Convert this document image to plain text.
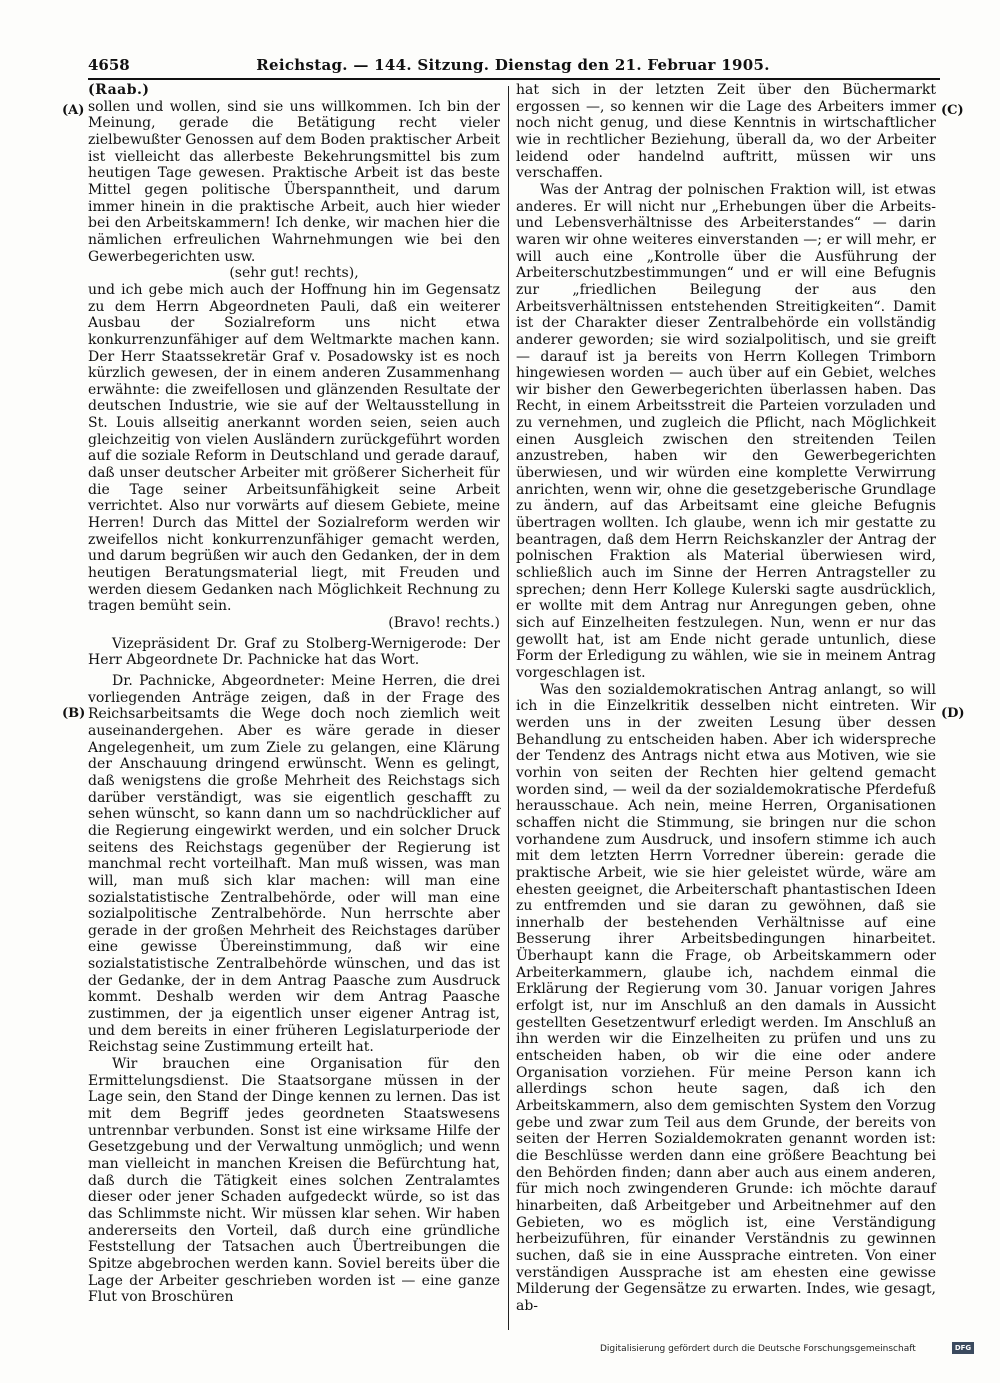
4658	Reichstag. — 144. Sitzung. Dienstag den 21. Februar 1905.
(A)
(B)
(C)
(D)

(Raab.)

sollen und wollen, sind sie uns willkommen. Ich bin der Meinung, gerade die Betätigung recht vieler zielbewußter Genossen auf dem Boden praktischer Arbeit ist vielleicht das allerbeste Bekehrungsmittel bis zum heutigen Tage gewesen. Praktische Arbeit ist das beste Mittel gegen politische Überspanntheit, und darum immer hinein in die praktische Arbeit, auch hier wieder bei den Arbeitskammern! Ich denke, wir machen hier die nämlichen erfreulichen Wahrnehmungen wie bei den Gewerbegerichten usw.

(sehr gut! rechts),

und ich gebe mich auch der Hoffnung hin im Gegensatz zu dem Herrn Abgeordneten Pauli, daß ein weiterer Ausbau der Sozialreform uns nicht etwa konkurrenzunfähiger auf dem Weltmarkte machen kann. Der Herr Staatssekretär Graf v. Posadowsky ist es noch kürzlich gewesen, der in einem anderen Zusammenhang erwähnte: die zweifellosen und glänzenden Resultate der deutschen Industrie, wie sie auf der Weltausstellung in St. Louis allseitig anerkannt worden seien, seien auch gleichzeitig von vielen Ausländern zurückgeführt worden auf die soziale Reform in Deutschland und gerade darauf, daß unser deutscher Arbeiter mit größerer Sicherheit für die Tage seiner Arbeitsunfähigkeit seine Arbeit verrichtet. Also nur vorwärts auf diesem Gebiete, meine Herren! Durch das Mittel der Sozialreform werden wir zweifellos nicht konkurrenzunfähiger gemacht werden, und darum begrüßen wir auch den Gedanken, der in dem heutigen Beratungsmaterial liegt, mit Freuden und werden diesem Gedanken nach Möglichkeit Rechnung zu tragen bemüht sein.

(Bravo! rechts.)

Vizepräsident Dr. Graf zu Stolberg-Wernigerode: Der Herr Abgeordnete Dr. Pachnicke hat das Wort.

Dr. Pachnicke, Abgeordneter: Meine Herren, die drei vorliegenden Anträge zeigen, daß in der Frage des Reichsarbeitsamts die Wege doch noch ziemlich weit auseinandergehen. Aber es wäre gerade in dieser Angelegenheit, um zum Ziele zu gelangen, eine Klärung der Anschauung dringend erwünscht. Wenn es gelingt, daß wenigstens die große Mehrheit des Reichstags sich darüber verständigt, was sie eigentlich geschafft zu sehen wünscht, so kann dann um so nachdrücklicher auf die Regierung eingewirkt werden, und ein solcher Druck seitens des Reichstags gegenüber der Regierung ist manchmal recht vorteilhaft. Man muß wissen, was man will, man muß sich klar machen: will man eine sozialstatistische Zentralbehörde, oder will man eine sozialpolitische Zentralbehörde. Nun herrschte aber gerade in der großen Mehrheit des Reichstages darüber eine gewisse Übereinstimmung, daß wir eine sozialstatistische Zentralbehörde wünschen, und das ist der Gedanke, der in dem Antrag Paasche zum Ausdruck kommt. Deshalb werden wir dem Antrag Paasche zustimmen, der ja eigentlich unser eigener Antrag ist, und dem bereits in einer früheren Legislaturperiode der Reichstag seine Zustimmung erteilt hat.

Wir brauchen eine Organisation für den Ermittelungsdienst. Die Staatsorgane müssen in der Lage sein, den Stand der Dinge kennen zu lernen. Das ist mit dem Begriff jedes geordneten Staatswesens untrennbar verbunden. Sonst ist eine wirksame Hilfe der Gesetzgebung und der Verwaltung unmöglich; und wenn man vielleicht in manchen Kreisen die Befürchtung hat, daß durch die Tätigkeit eines solchen Zentralamtes dieser oder jener Schaden aufgedeckt würde, so ist das das Schlimmste nicht. Wir müssen klar sehen. Wir haben andererseits den Vorteil, daß durch eine gründliche Feststellung der Tatsachen auch Übertreibungen die Spitze abgebrochen werden kann. Soviel bereits über die Lage der Arbeiter geschrieben worden ist — eine ganze Flut von Broschüren

hat sich in der letzten Zeit über den Büchermarkt ergossen —, so kennen wir die Lage des Arbeiters immer noch nicht genug, und diese Kenntnis in wirtschaftlicher wie in rechtlicher Beziehung, überall da, wo der Arbeiter leidend oder handelnd auftritt, müssen wir uns verschaffen.

Was der Antrag der polnischen Fraktion will, ist etwas anderes. Er will nicht nur „Erhebungen über die Arbeits- und Lebensverhältnisse des Arbeiterstandes“ — darin waren wir ohne weiteres einverstanden —; er will mehr, er will auch eine „Kontrolle über die Ausführung der Arbeiterschutzbestimmungen“ und er will eine Befugnis zur „friedlichen Beilegung der aus den Arbeitsverhältnissen entstehenden Streitigkeiten“. Damit ist der Charakter dieser Zentralbehörde ein vollständig anderer geworden; sie wird sozialpolitisch, und sie greift — darauf ist ja bereits von Herrn Kollegen Trimborn hingewiesen worden — auch über auf ein Gebiet, welches wir bisher den Gewerbegerichten überlassen haben. Das Recht, in einem Arbeitsstreit die Parteien vorzuladen und zu vernehmen, und zugleich die Pflicht, nach Möglichkeit einen Ausgleich zwischen den streitenden Teilen anzustreben, haben wir den Gewerbegerichten überwiesen, und wir würden eine komplette Verwirrung anrichten, wenn wir, ohne die gesetzgeberische Grundlage zu ändern, auf das Arbeitsamt eine gleiche Befugnis übertragen wollten. Ich glaube, wenn ich mir gestatte zu beantragen, daß dem Herrn Reichskanzler der Antrag der polnischen Fraktion als Material überwiesen wird, schließlich auch im Sinne der Herren Antragsteller zu sprechen; denn Herr Kollege Kulerski sagte ausdrücklich, er wollte mit dem Antrag nur Anregungen geben, ohne sich auf Einzelheiten festzulegen. Nun, wenn er nur das gewollt hat, ist am Ende nicht gerade untunlich, diese Form der Erledigung zu wählen, wie sie in meinem Antrag vorgeschlagen ist.

Was den sozialdemokratischen Antrag anlangt, so will ich in die Einzelkritik desselben nicht eintreten. Wir werden uns in der zweiten Lesung über dessen Behandlung zu entscheiden haben. Aber ich widerspreche der Tendenz des Antrags nicht etwa aus Motiven, wie sie vorhin von seiten der Rechten hier geltend gemacht worden sind, — weil da der sozialdemokratische Pferdefuß herausschaue. Ach nein, meine Herren, Organisationen schaffen nicht die Stimmung, sie bringen nur die schon vorhandene zum Ausdruck, und insofern stimme ich auch mit dem letzten Herrn Vorredner überein: gerade die praktische Arbeit, wie sie hier geleistet würde, wäre am ehesten geeignet, die Arbeiterschaft phantastischen Ideen zu entfremden und sie daran zu gewöhnen, daß sie innerhalb der bestehenden Verhältnisse auf eine Besserung ihrer Arbeitsbedingungen hinarbeitet. Überhaupt kann die Frage, ob Arbeitskammern oder Arbeiterkammern, glaube ich, nachdem einmal die Erklärung der Regierung vom 30. Januar vorigen Jahres erfolgt ist, nur im Anschluß an den damals in Aussicht gestellten Gesetzentwurf erledigt werden. Im Anschluß an ihn werden wir die Einzelheiten zu prüfen und uns zu entscheiden haben, ob wir die eine oder andere Organisation vorziehen. Für meine Person kann ich allerdings schon heute sagen, daß ich den Arbeitskammern, also dem gemischten System den Vorzug gebe und zwar zum Teil aus dem Grunde, der bereits von seiten der Herren Sozialdemokraten genannt worden ist: die Beschlüsse werden dann eine größere Beachtung bei den Behörden finden; dann aber auch aus einem anderen, für mich noch zwingenderen Grunde: ich möchte darauf hinarbeiten, daß Arbeitgeber und Arbeitnehmer auf den Gebieten, wo es möglich ist, eine Verständigung herbeizuführen, für einander Verständnis zu gewinnen suchen, daß sie in eine Aussprache eintreten. Von einer verständigen Aussprache ist am ehesten eine gewisse Milderung der Gegensätze zu erwarten. Indes, wie gesagt, ab-

Digitalisierung gefördert durch die Deutsche Forschungsgemeinschaft	DFG
